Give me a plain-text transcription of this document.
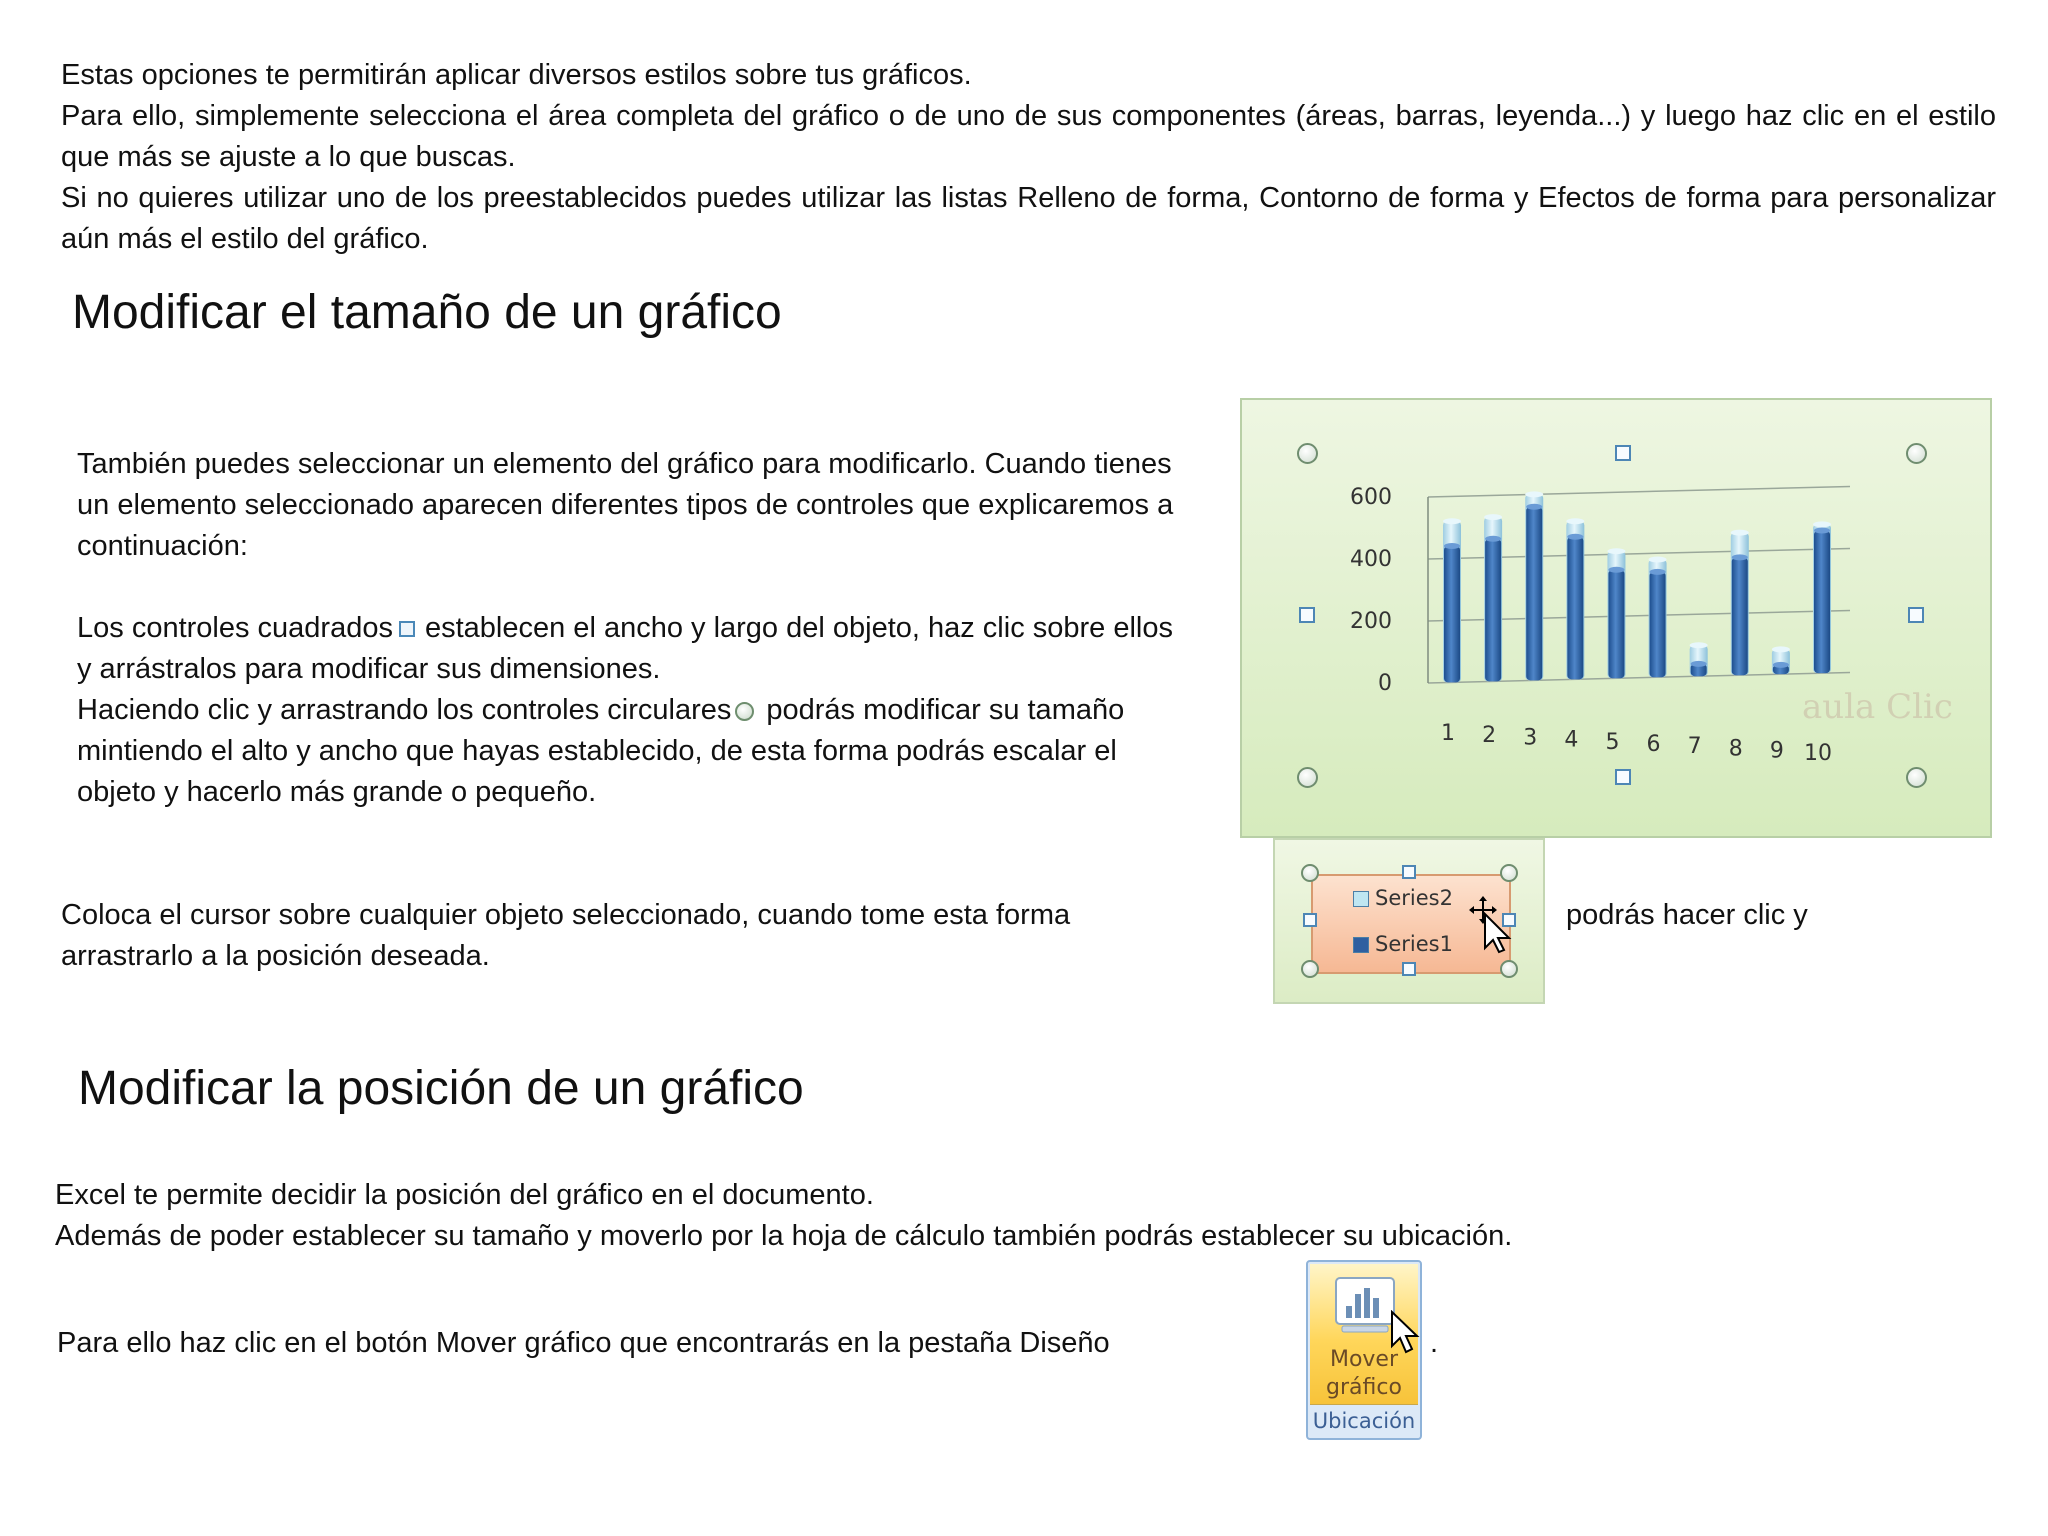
Estas opciones te permitirán aplicar diversos estilos sobre tus gráficos.
Para ello, simplemente selecciona el área completa del gráfico o de uno de sus componentes (áreas, barras, leyenda...) y luego haz clic en el estilo que más se ajuste a lo que buscas.
Si no quieres utilizar uno de los preestablecidos puedes utilizar las listas Relleno de forma, Contorno de forma y Efectos de forma para personalizar aún más el estilo del gráfico.
Modificar el tamaño de un gráfico
También puedes seleccionar un elemento del gráfico para modificarlo. Cuando tienes un elemento seleccionado aparecen diferentes tipos de controles que explicaremos a continuación:
Los controles cuadrados establecen el ancho y largo del objeto, haz clic sobre ellos y arrástralos para modificar sus dimensiones.
Haciendo clic y arrastrando los controles circulares podrás modificar su tamaño mintiendo el alto y ancho que hayas establecido, de esta forma podrás escalar el objeto y hacerlo más grande o pequeño.
0
200
400
600
1 2 3 4 5 6 7 8 9 10
aula Clic
Coloca el cursor sobre cualquier objeto seleccionado, cuando tome esta forma
Series2
Series1
podrás hacer clic y
arrastrarlo a la posición deseada.
Modificar la posición de un gráfico
Excel te permite decidir la posición del gráfico en el documento.
Además de poder establecer su tamaño y moverlo por la hoja de cálculo también podrás establecer su ubicación.
Para ello haz clic en el botón Mover gráfico que encontrarás en la pestaña Diseño	.
Mover
gráfico
Ubicación
